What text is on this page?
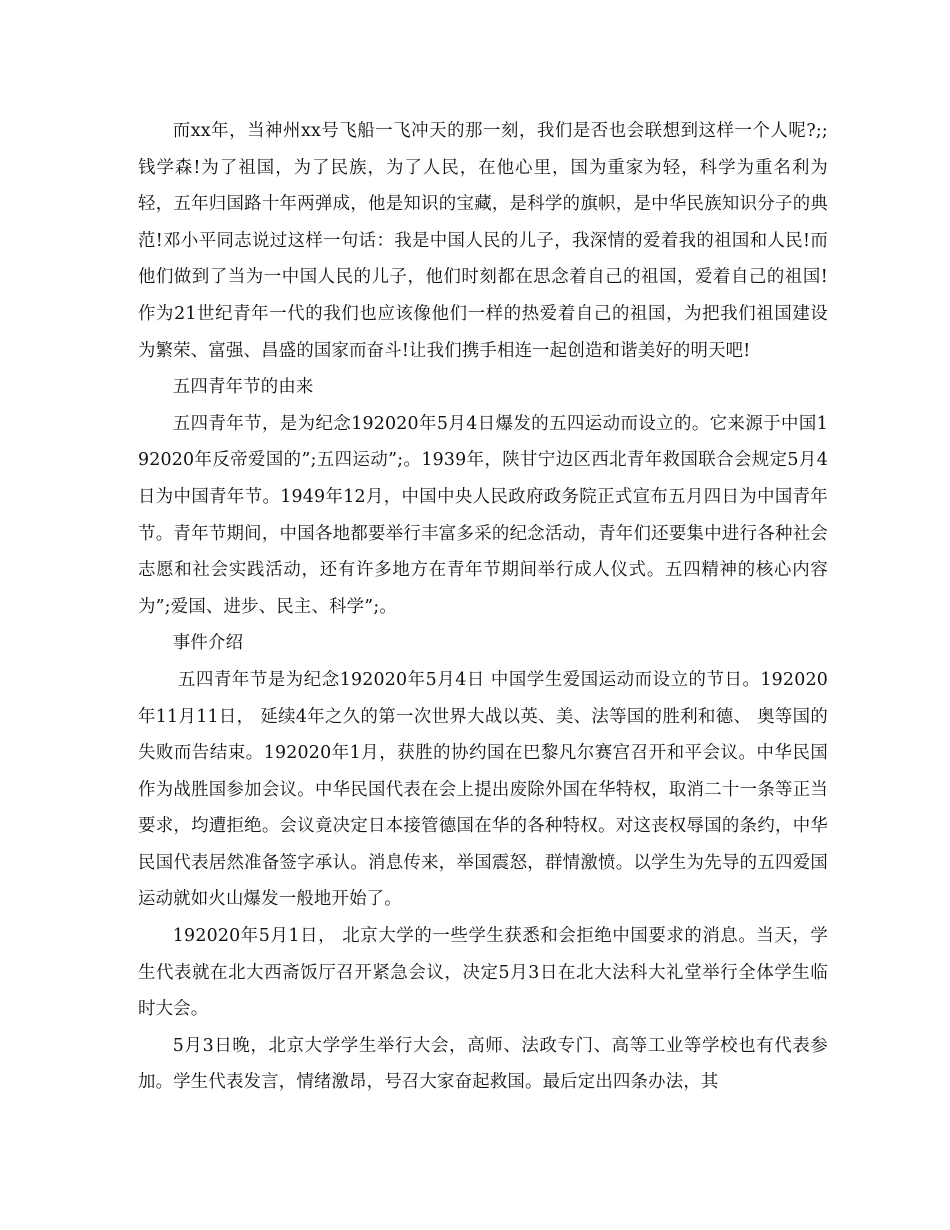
而xx年，当神州xx号飞船一飞冲天的那一刻，我们是否也会联想到这样一个人呢?;;钱学森!为了祖国，为了民族，为了人民，在他心里，国为重家为轻，科学为重名利为轻，五年归国路十年两弹成，他是知识的宝藏，是科学的旗帜，是中华民族知识分子的典范!邓小平同志说过这样一句话：我是中国人民的儿子，我深情的爱着我的祖国和人民!而他们做到了当为一中国人民的儿子，他们时刻都在思念着自己的祖国，爱着自己的祖国!作为21世纪青年一代的我们也应该像他们一样的热爱着自己的祖国，为把我们祖国建设为繁荣、富强、昌盛的国家而奋斗!让我们携手相连一起创造和谐美好的明天吧!

五四青年节的由来

五四青年节，是为纪念192020年5月4日爆发的五四运动而设立的。它来源于中国192020年反帝爱国的”;五四运动”;。1939年，陕甘宁边区西北青年救国联合会规定5月4日为中国青年节。1949年12月，中国中央人民政府政务院正式宣布五月四日为中国青年节。青年节期间，中国各地都要举行丰富多采的纪念活动，青年们还要集中进行各种社会志愿和社会实践活动，还有许多地方在青年节期间举行成人仪式。五四精神的核心内容为”;爱国、进步、民主、科学”;。

事件介绍

五四青年节是为纪念192020年5月4日 中国学生爱国运动而设立的节日。192020年11月11日， 延续4年之久的第一次世界大战以英、美、法等国的胜利和德、 奥等国的失败而告结束。192020年1月，获胜的协约国在巴黎凡尔赛宫召开和平会议。中华民国作为战胜国参加会议。中华民国代表在会上提出废除外国在华特权，取消二十一条等正当要求，均遭拒绝。会议竟决定日本接管德国在华的各种特权。对这丧权辱国的条约，中华民国代表居然准备签字承认。消息传来，举国震怒，群情激愤。以学生为先导的五四爱国运动就如火山爆发一般地开始了。

192020年5月1日， 北京大学的一些学生获悉和会拒绝中国要求的消息。当天，学生代表就在北大西斋饭厅召开紧急会议，决定5月3日在北大法科大礼堂举行全体学生临时大会。

5月3日晚，北京大学学生举行大会，高师、法政专门、高等工业等学校也有代表参加。学生代表发言，情绪激昂，号召大家奋起救国。最后定出四条办法，其
